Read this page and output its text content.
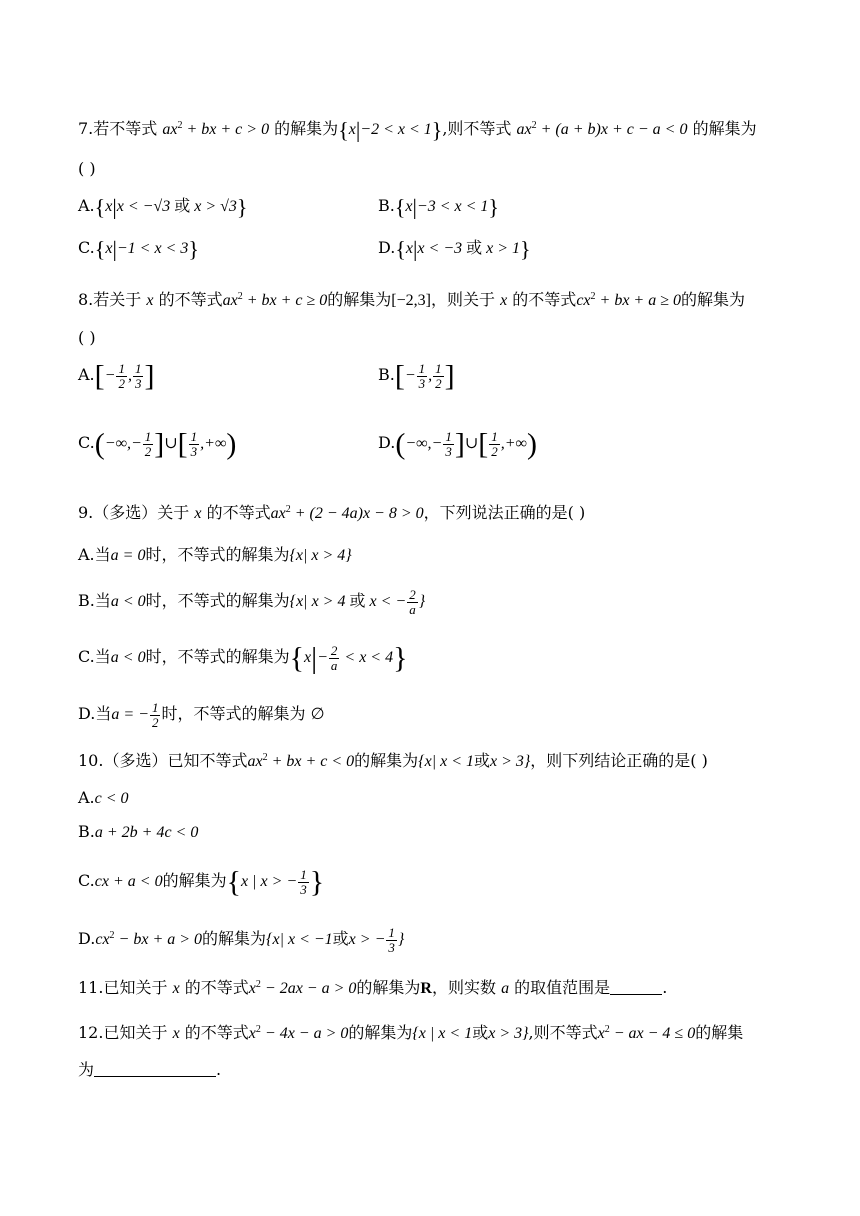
7.若不等式 $ax^2$ + bx + c > 0 的解集为{x|−2 < x < 1},则不等式 $ax^2 + (a + b)x + c - a < 0$ 的解集为
( )
A.{x|x < −√3 或 x > √3}	B.{x|−3 < x < 1}
C.{x|−1 < x < 3}	D.{x|x < −3 或 x > 1}
8.若关于 x 的不等式$ax^2$ + bx + c ≥ 0的解集为[−2,3]，则关于 x 的不等式$cx^2$ + bx + a ≥ 0的解集为
( )
$A.[- \frac{1}{2}$ , $\frac{1}{3}$ ]	$B.[- \frac{1}{3}$ , $\frac{1}{2}$ ]
$C.(-\infty,- \frac{1}{2}$ ]∪[ $\frac{1}{3}$ ,+∞)	$D.(-\infty,- \frac{1}{3}$ ]∪[ $\frac{1}{2}$ ,+∞)
9.（多选）关于 x 的不等式$ax^2 + (2 - 4a)x - 8 > 0$，下列说法正确的是( )
A.当a = 0时，不等式的解集为{x| x > 4}
B.当a < 0时，不等式的解集为{x| x > 4 或 x < − $\frac{2}{a}$ }
C.当a < 0时，不等式的解集为$\{x|- \frac{2}{a} < x < 4\}$
D.当a = − $\frac{1}{2}$ 时，不等式的解集为 ∅
10.（多选）已知不等式$ax^2$ + bx + c < 0的解集为{x| x < 1或x > 3}，则下列结论正确的是( )
A.c < 0
B.a + 2b + 4c < 0
C.cx + a < 0的解集为{x | x > − $\frac{1}{3}$ }
$D.cx^2$ − bx + a > 0的解集为{x| x < −1或x > − $\frac{1}{3}$ }
11.已知关于 x 的不等式$x^2 - 2ax - a > 0$的解集为R，则实数 a 的取值范围是	.
12.已知关于 x 的不等式$x^2 - 4x - a > 0$的解集为{x | x < 1或x > 3},则不等式$x^2$ − ax − 4 ≤ 0的解集
为	.
